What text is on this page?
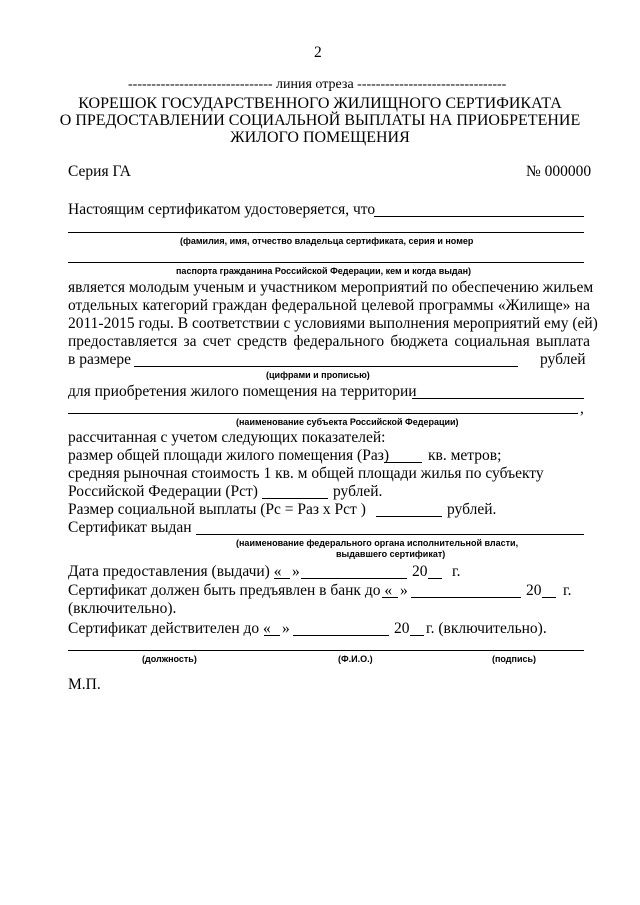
2
------------------------------- линия отреза --------------------------------
КОРЕШОК ГОСУДАРСТВЕННОГО ЖИЛИЩНОГО СЕРТИФИКАТА
О ПРЕДОСТАВЛЕНИИ СОЦИАЛЬНОЙ ВЫПЛАТЫ НА ПРИОБРЕТЕНИЕ
ЖИЛОГО ПОМЕЩЕНИЯ
Серия ГА	№ 000000
Настоящим сертификатом удостоверяется, что
(фамилия, имя, отчество владельца сертификата, серия и номер
паспорта гражданина Российской Федерации, кем и когда выдан)
является молодым ученым и участником мероприятий по обеспечению жильем
отдельных категорий граждан федеральной целевой программы «Жилище» на
2011-2015 годы. В соответствии с условиями выполнения мероприятий ему (ей)
предоставляется за счет средств федерального бюджета социальная выплата
в размере	рублей
(цифрами и прописью)
для приобретения жилого помещения на территории
,
(наименование субъекта Российской Федерации)
рассчитанная с учетом следующих показателей:
размер общей площади жилого помещения (Раз)	кв. метров;
средняя рыночная стоимость 1 кв. м общей площади жилья по субъекту
Российской Федерации (Рст)	рублей.
Размер социальной выплаты (Рс = Раз х Рст )	рублей.
Сертификат выдан
(наименование федерального органа исполнительной власти,
выдавшего сертификат)
Дата предоставления (выдачи) « »	20 г.
Сертификат должен быть предъявлен в банк до « »	20 г.
(включительно).
Сертификат действителен до « »	20 г. (включительно).
(должность)	(Ф.И.О.)	(подпись)
М.П.
